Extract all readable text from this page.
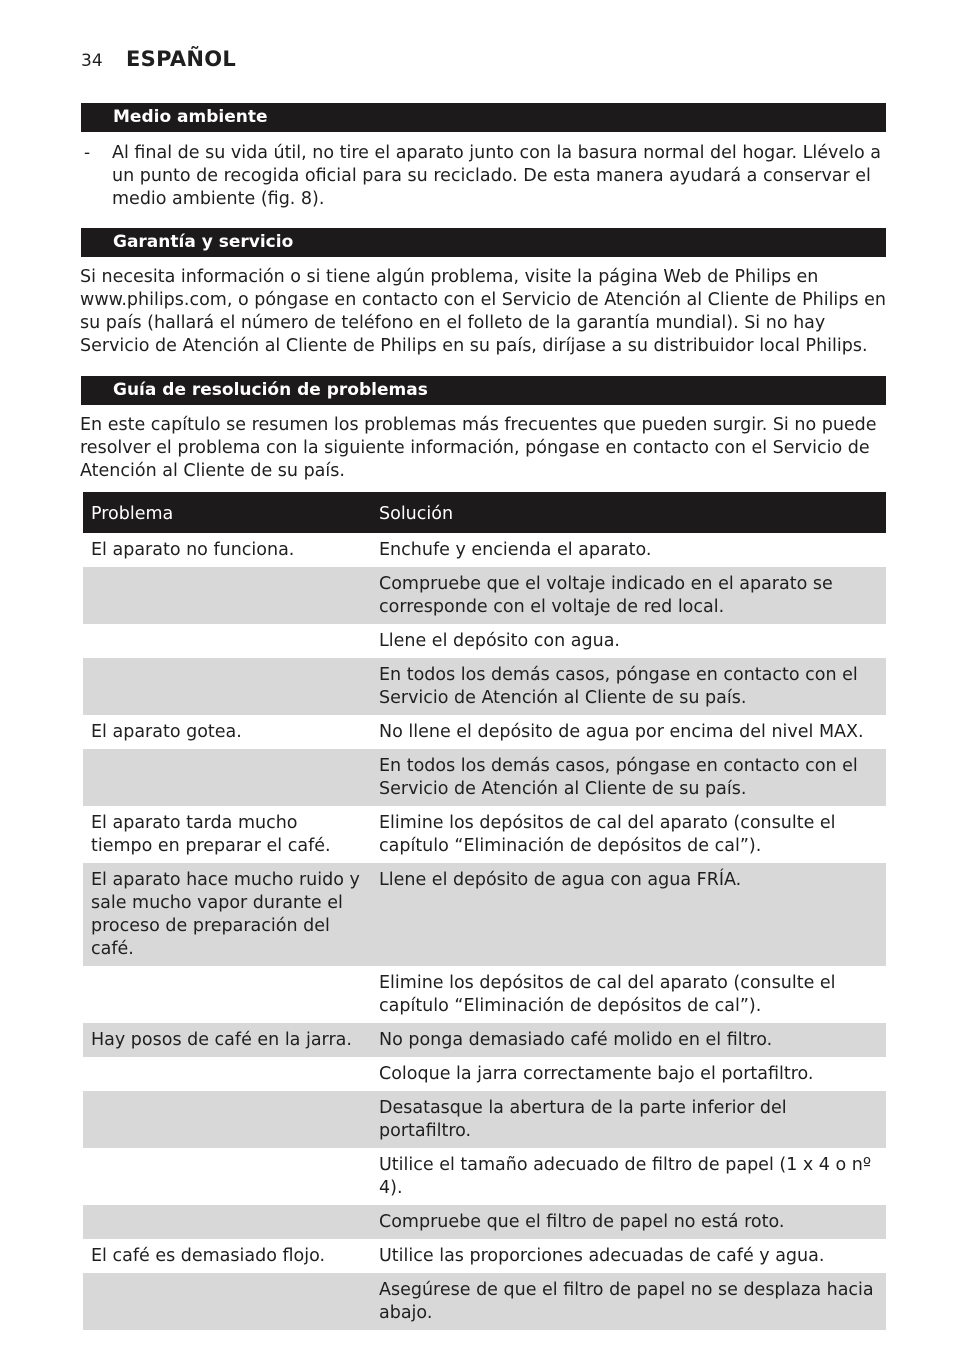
34 ESPAÑOL
Medio ambiente
- Al final de su vida útil, no tire el aparato junto con la basura normal del hogar. Llévelo a un punto de recogida oficial para su reciclado. De esta manera ayudará a conservar el medio ambiente (fig. 8).

Garantía y servicio

Si necesita información o si tiene algún problema, visite la página Web de Philips en www.philips.com, o póngase en contacto con el Servicio de Atención al Cliente de Philips en su país (hallará el número de teléfono en el folleto de la garantía mundial). Si no hay Servicio de Atención al Cliente de Philips en su país, diríjase a su distribuidor local Philips.

Guía de resolución de problemas

En este capítulo se resumen los problemas más frecuentes que pueden surgir. Si no puede resolver el problema con la siguiente información, póngase en contacto con el Servicio de Atención al Cliente de su país.

Problema	Solución
El aparato no funciona.	Enchufe y encienda el aparato.
	Compruebe que el voltaje indicado en el aparato se corresponde con el voltaje de red local.
	Llene el depósito con agua.
	En todos los demás casos, póngase en contacto con el Servicio de Atención al Cliente de su país.
El aparato gotea.	No llene el depósito de agua por encima del nivel MAX.
	En todos los demás casos, póngase en contacto con el Servicio de Atención al Cliente de su país.
El aparato tarda mucho tiempo en preparar el café.	Elimine los depósitos de cal del aparato (consulte el capítulo “Eliminación de depósitos de cal”).
El aparato hace mucho ruido y sale mucho vapor durante el proceso de preparación del café.	Llene el depósito de agua con agua FRÍA.
	Elimine los depósitos de cal del aparato (consulte el capítulo “Eliminación de depósitos de cal”).
Hay posos de café en la jarra.	No ponga demasiado café molido en el filtro.
	Coloque la jarra correctamente bajo el portafiltro.
	Desatasque la abertura de la parte inferior del portafiltro.
	Utilice el tamaño adecuado de filtro de papel (1 x 4 o nº 4).
	Compruebe que el filtro de papel no está roto.
El café es demasiado flojo.	Utilice las proporciones adecuadas de café y agua.
	Asegúrese de que el filtro de papel no se desplaza hacia abajo.
